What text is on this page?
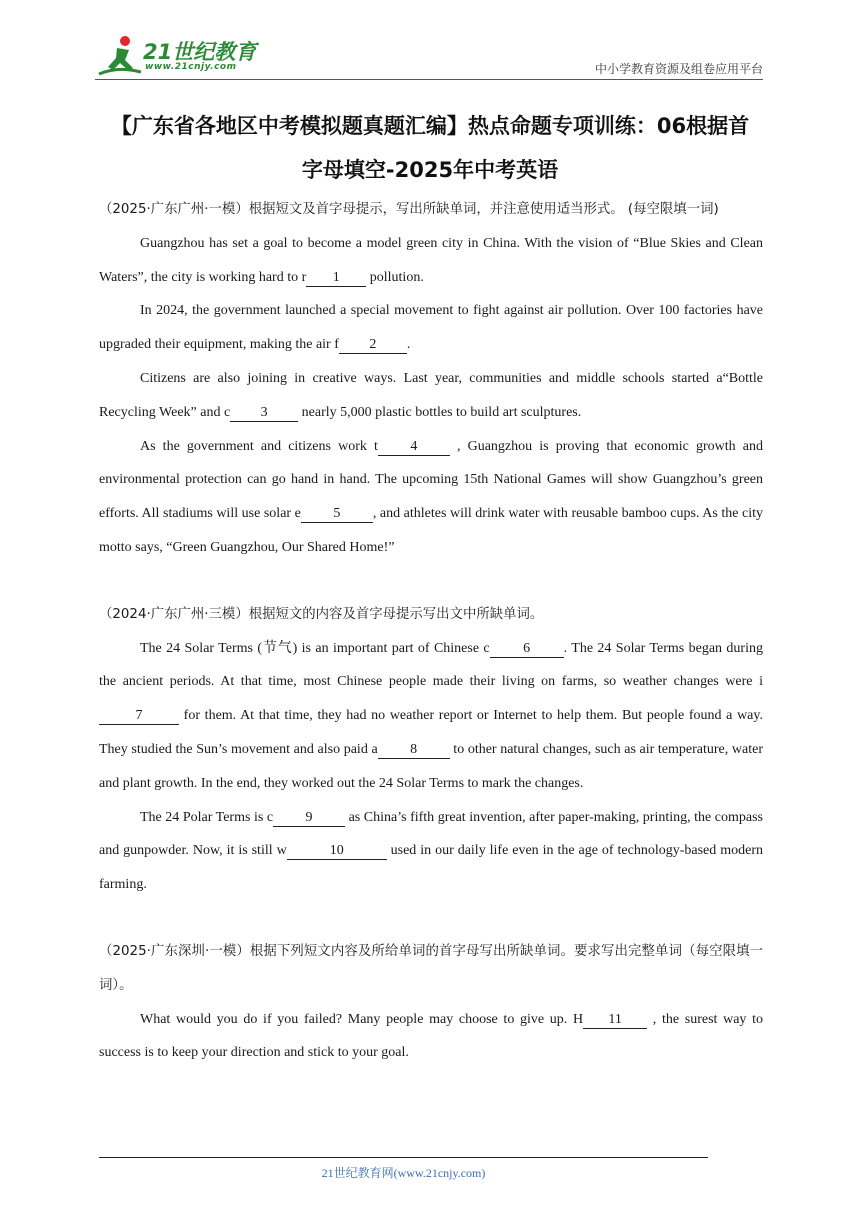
21世纪教育
www.21cnjy.com	中小学教育资源及组卷应用平台
【广东省各地区中考模拟题真题汇编】热点命题专项训练：06根据首
字母填空-2025年中考英语

（2025·广东广州·一模）根据短文及首字母提示，写出所缺单词，并注意使用适当形式。 (每空限填一词)

Guangzhou has set a goal to become a model green city in China. With the vision of “Blue Skies and Clean Waters”, the city is working hard to r 1 pollution.

In 2024, the government launched a special movement to fight against air pollution. Over 100 factories have upgraded their equipment, making the air f 2 .

Citizens are also joining in creative ways. Last year, communities and middle schools started a“Bottle Recycling Week” and c 3 nearly 5,000 plastic bottles to build art sculptures.

As the government and citizens work t 4 , Guangzhou is proving that economic growth and environmental protection can go hand in hand. The upcoming 15th National Games will show Guangzhou’s green efforts. All stadiums will use solar e 5 , and athletes will drink water with reusable bamboo cups. As the city motto says, “Green Guangzhou, Our Shared Home!”

（2024·广东广州·三模）根据短文的内容及首字母提示写出文中所缺单词。

The 24 Solar Terms (节气) is an important part of Chinese c 6 . The 24 Solar Terms began during the ancient periods. At that time, most Chinese people made their living on farms, so weather changes were i7	for them. At that time, they had no weather report or Internet to help them. But people found a way. They studied the Sun’s movement and also paid a 8 to other natural changes, such as air temperature, water and plant growth. In the end, they worked out the 24 Solar Terms to mark the changes.

The 24 Polar Terms is c 9 as China’s fifth great invention, after paper-making, printing, the compass and gunpowder. Now, it is still w	10	used in our daily life even in the age of technology-based modern farming.

（2025·广东深圳·一模）根据下列短文内容及所给单词的首字母写出所缺单词。要求写出完整单词（每空限填一词）。

What would you do if you failed? Many people may choose to give up. H 11 , the surest way to success is to keep your direction and stick to your goal.

21世纪教育网(www.21cnjy.com)
